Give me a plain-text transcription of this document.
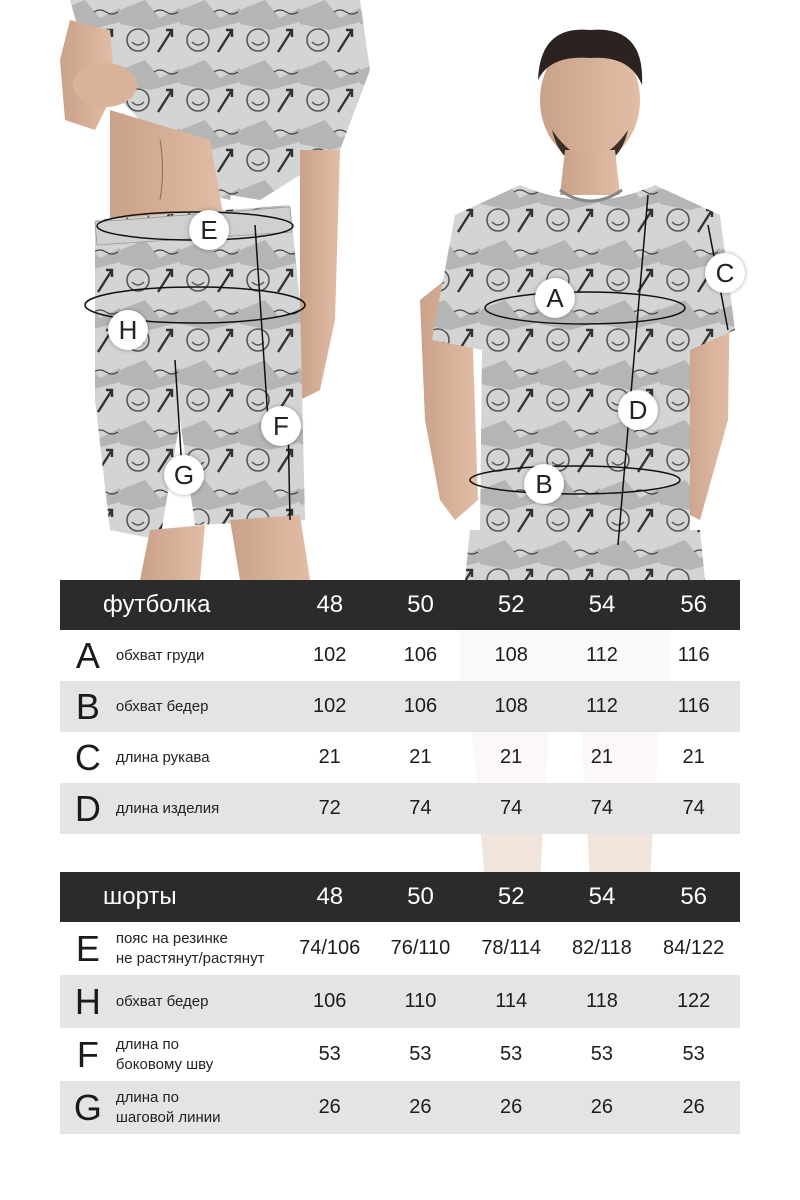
A
B
C
D
E
F
G
H
футболка	48	50	52	54	56
A	обхват груди	102	106	108	112	116
B	обхват бедер	102	106	108	112	116
C длина рукава	21	21	21	21	21
D длина изделия	72	74	74	74	74
шорты	48	50	52	54	56
E	пояс на резинке
не растянут/растянут	74/106	76/110	78/114	82/118	84/122
H обхват бедер	106	110	114	118	122
F	длина по
боковому шву	53	53	53	53	53
G длина по
шаговой линии	26	26	26	26	26
